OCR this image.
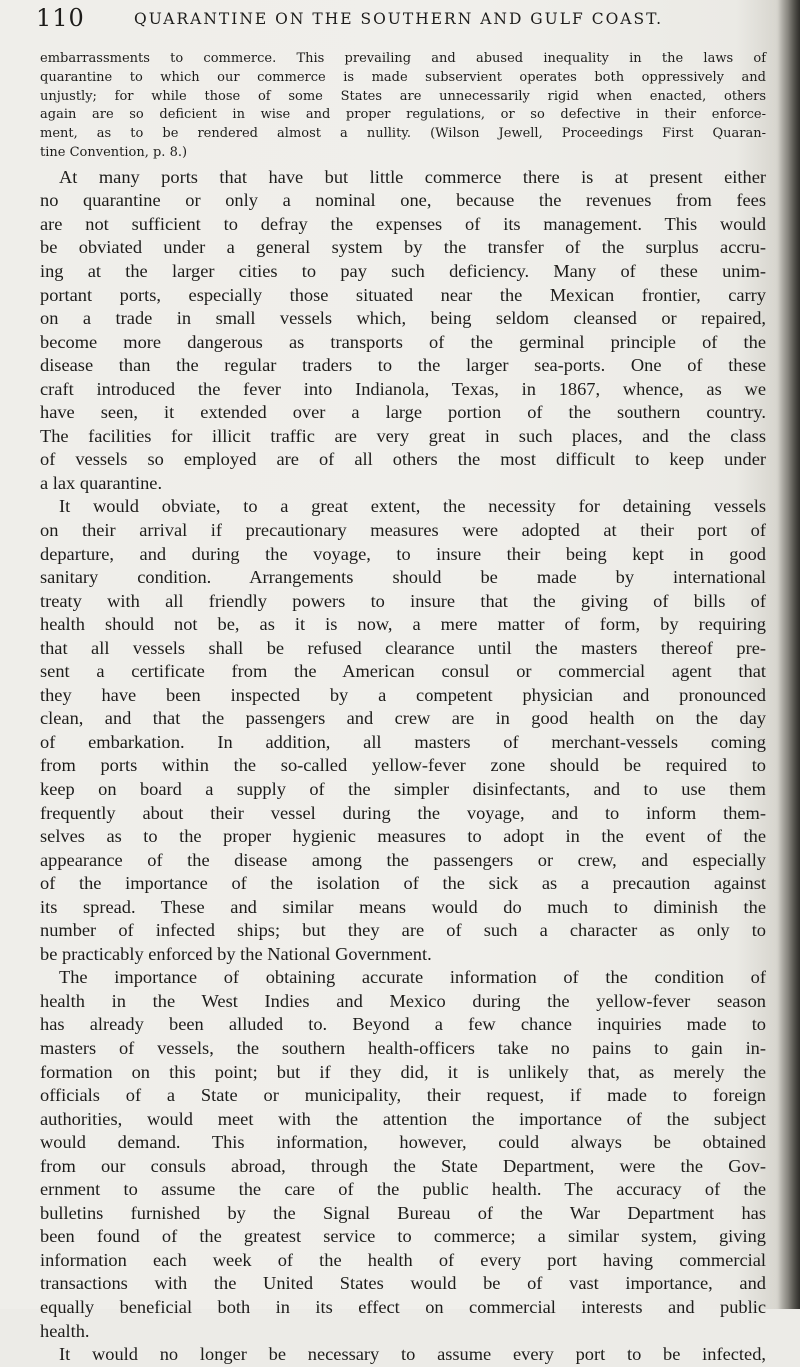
110	QUARANTINE ON THE SOUTHERN AND GULF COAST.
embarrassments to commerce. This prevailing and abused inequality in the laws of
quarantine to which our commerce is made subservient operates both oppressively and
unjustly; for while those of some States are unnecessarily rigid when enacted, others
again are so deficient in wise and proper regulations, or so defective in their enforce-
ment, as to be rendered almost a nullity. (Wilson Jewell, Proceedings First Quaran-
tine Convention, p. 8.)
At many ports that have but little commerce there is at present either
no quarantine or only a nominal one, because the revenues from fees
are not sufficient to defray the expenses of its management. This would
be obviated under a general system by the transfer of the surplus accru-
ing at the larger cities to pay such deficiency. Many of these unim-
portant ports, especially those situated near the Mexican frontier, carry
on a trade in small vessels which, being seldom cleansed or repaired,
become more dangerous as transports of the germinal principle of the
disease than the regular traders to the larger sea-ports. One of these
craft introduced the fever into Indianola, Texas, in 1867, whence, as we
have seen, it extended over a large portion of the southern country.
The facilities for illicit traffic are very great in such places, and the class
of vessels so employed are of all others the most difficult to keep under
a lax quarantine.
It would obviate, to a great extent, the necessity for detaining vessels
on their arrival if precautionary measures were adopted at their port of
departure, and during the voyage, to insure their being kept in good
sanitary condition. Arrangements should be made by international
treaty with all friendly powers to insure that the giving of bills of
health should not be, as it is now, a mere matter of form, by requiring
that all vessels shall be refused clearance until the masters thereof pre-
sent a certificate from the American consul or commercial agent that
they have been inspected by a competent physician and pronounced
clean, and that the passengers and crew are in good health on the day
of embarkation. In addition, all masters of merchant-vessels coming
from ports within the so-called yellow-fever zone should be required to
keep on board a supply of the simpler disinfectants, and to use them
frequently about their vessel during the voyage, and to inform them-
selves as to the proper hygienic measures to adopt in the event of the
appearance of the disease among the passengers or crew, and especially
of the importance of the isolation of the sick as a precaution against
its spread. These and similar means would do much to diminish the
number of infected ships; but they are of such a character as only to
be practicably enforced by the National Government.
The importance of obtaining accurate information of the condition of
health in the West Indies and Mexico during the yellow-fever season
has already been alluded to. Beyond a few chance inquiries made to
masters of vessels, the southern health-officers take no pains to gain in-
formation on this point; but if they did, it is unlikely that, as merely the
officials of a State or municipality, their request, if made to foreign
authorities, would meet with the attention the importance of the subject
would demand. This information, however, could always be obtained
from our consuls abroad, through the State Department, were the Gov-
ernment to assume the care of the public health. The accuracy of the
bulletins furnished by the Signal Bureau of the War Department has
been found of the greatest service to commerce; a similar system, giving
information each week of the health of every port having commercial
transactions with the United States would be of vast importance, and
equally beneficial both in its effect on commercial interests and public
health.
It would no longer be necessary to assume every port to be infected,
